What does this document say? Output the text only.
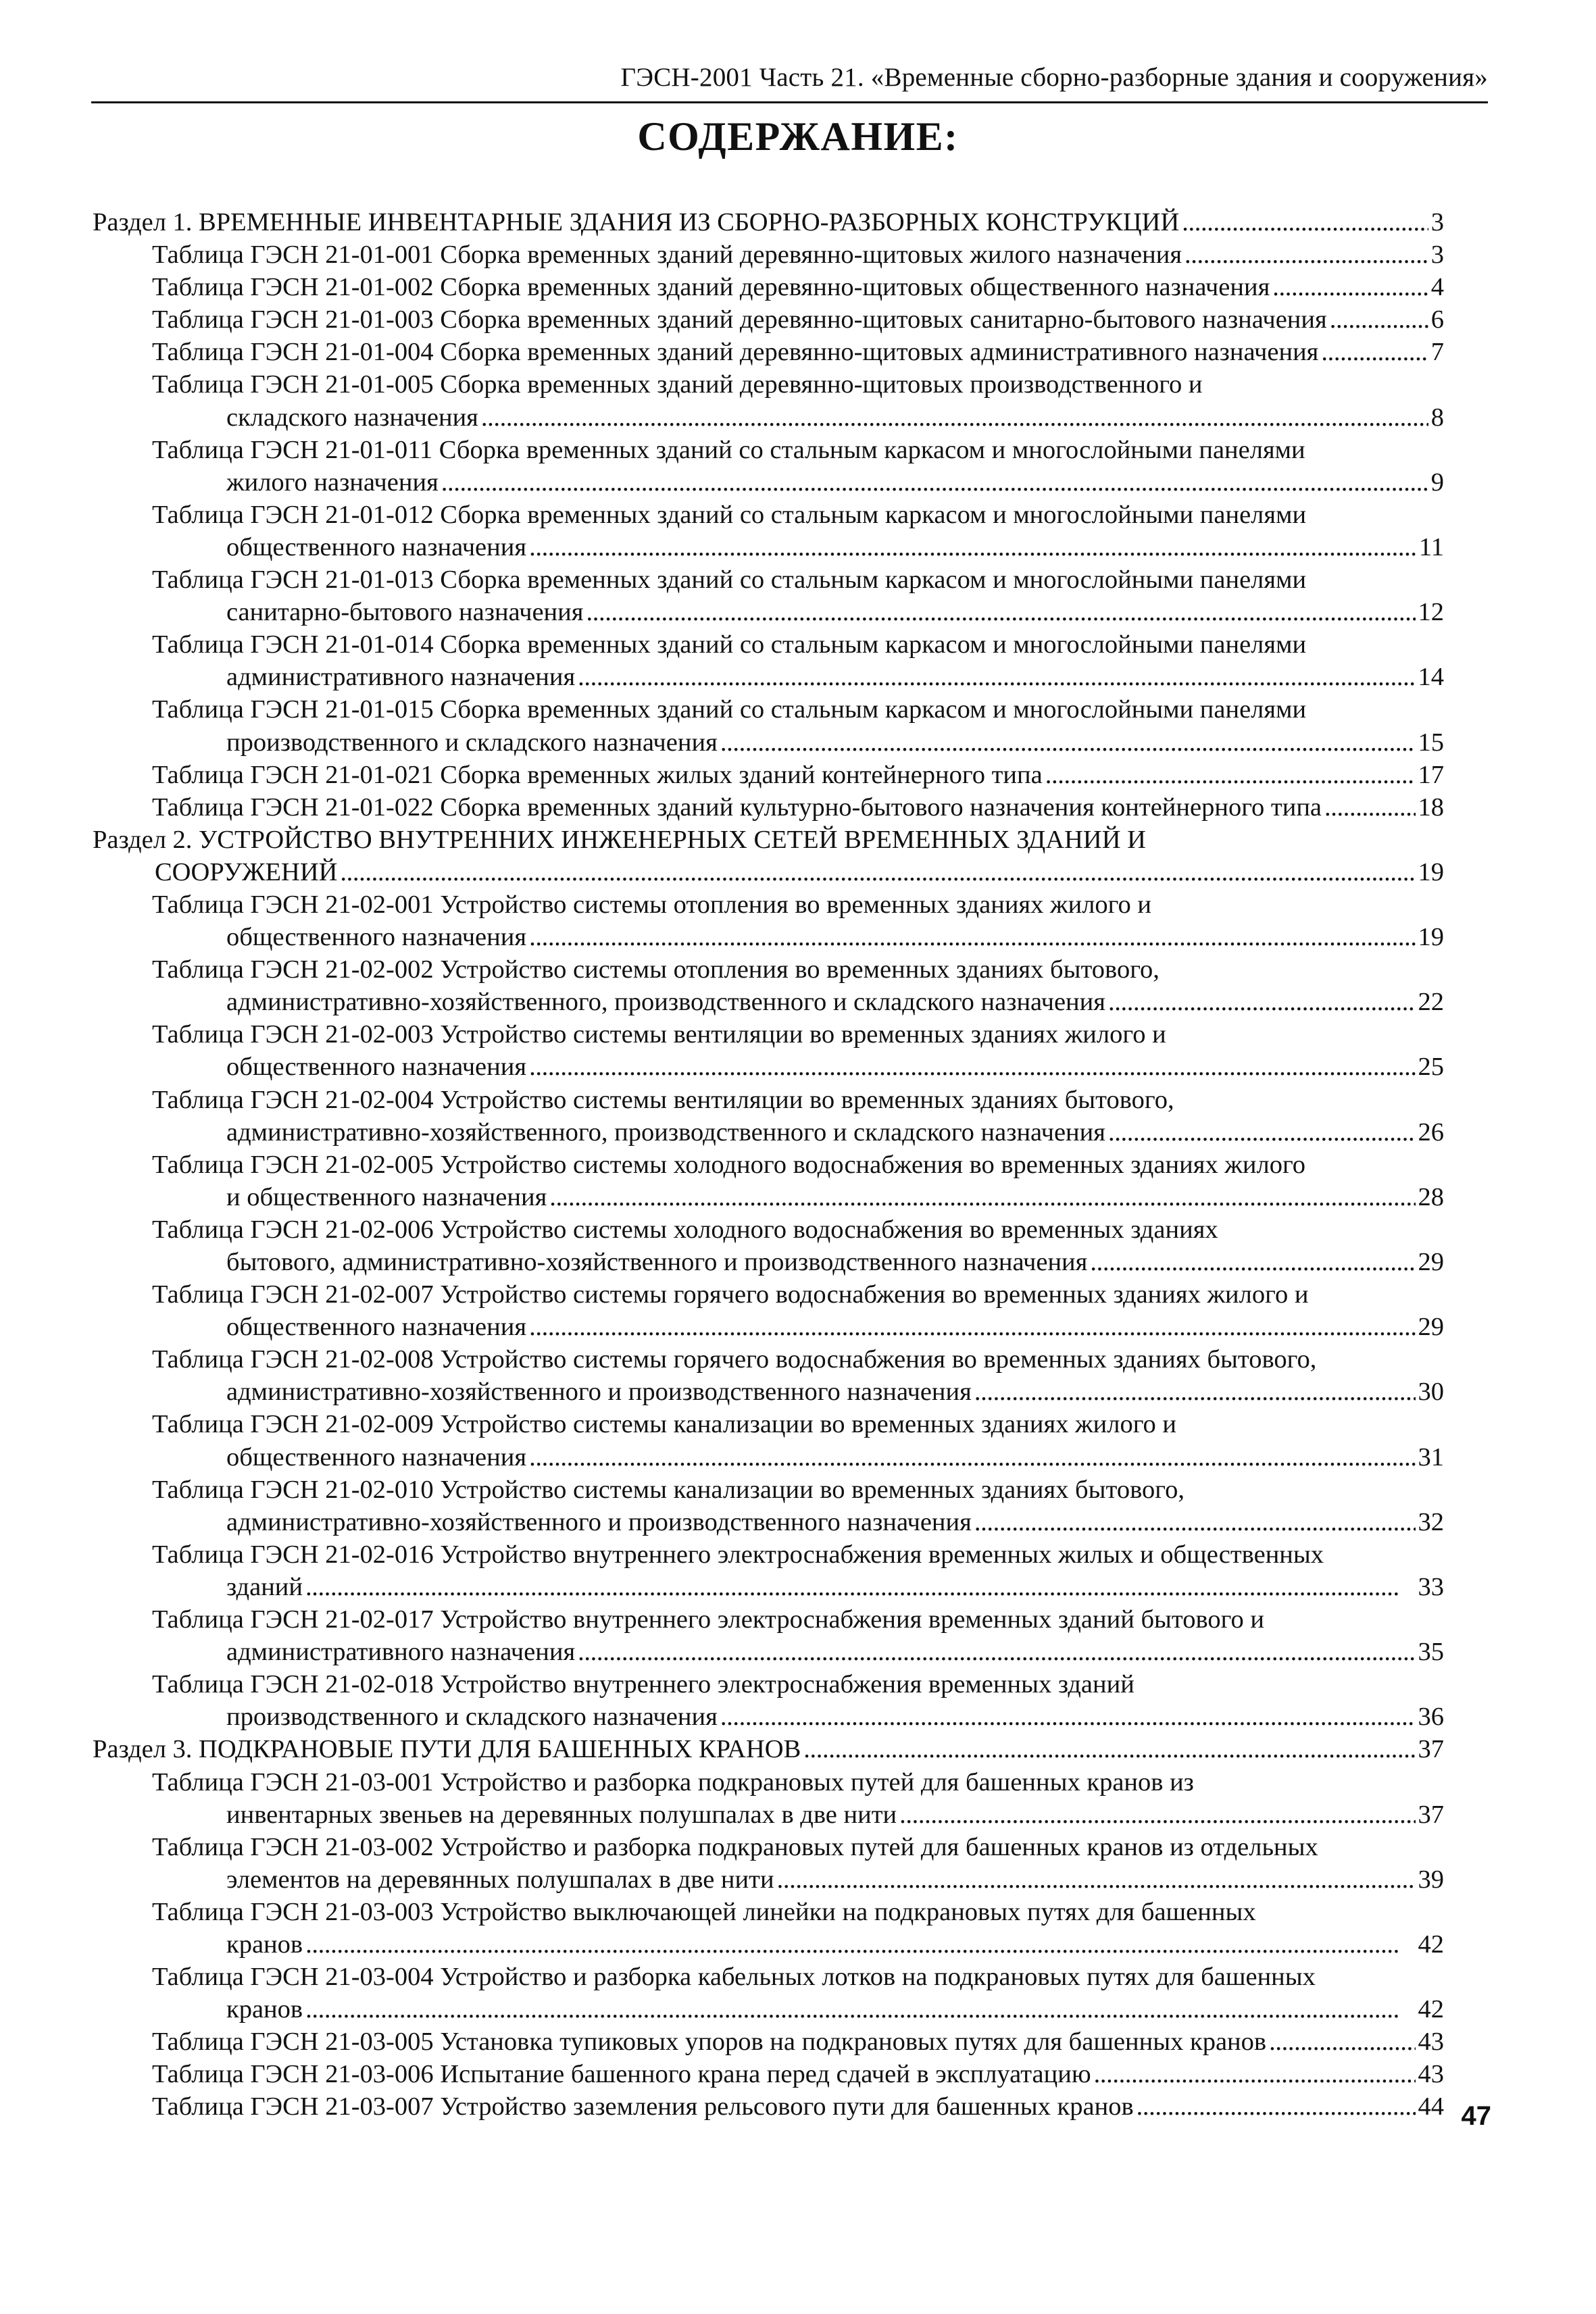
ГЭСН-2001 Часть 21. «Временные сборно-разборные здания и сооружения»
СОДЕРЖАНИЕ:
Раздел 1. ВРЕМЕННЫЕ ИНВЕНТАРНЫЕ ЗДАНИЯ ИЗ СБОРНО-РАЗБОРНЫХ КОНСТРУКЦИЙ . . .	3
Таблица ГЭСН 21-01-001 Сборка временных зданий деревянно-щитовых жилого назначения . . .	3
Таблица ГЭСН 21-01-002 Сборка временных зданий деревянно-щитовых общественного назначения . . .	4
Таблица ГЭСН 21-01-003 Сборка временных зданий деревянно-щитовых санитарно-бытового назначения . . .	6
Таблица ГЭСН 21-01-004 Сборка временных зданий деревянно-щитовых административного назначения . . .	7
Таблица ГЭСН 21-01-005 Сборка временных зданий деревянно-щитовых производственного и
складского назначения . . .	8
Таблица ГЭСН 21-01-011 Сборка временных зданий со стальным каркасом и многослойными панелями
жилого назначения . . .	9
Таблица ГЭСН 21-01-012 Сборка временных зданий со стальным каркасом и многослойными панелями
общественного назначения . . .	11
Таблица ГЭСН 21-01-013 Сборка временных зданий со стальным каркасом и многослойными панелями
санитарно-бытового назначения . . .	12
Таблица ГЭСН 21-01-014 Сборка временных зданий со стальным каркасом и многослойными панелями
административного назначения . . .	14
Таблица ГЭСН 21-01-015 Сборка временных зданий со стальным каркасом и многослойными панелями
производственного и складского назначения . . .	15
Таблица ГЭСН 21-01-021 Сборка временных жилых зданий контейнерного типа . . .	17
Таблица ГЭСН 21-01-022 Сборка временных зданий культурно-бытового назначения контейнерного типа . . .	18
Раздел 2. УСТРОЙСТВО ВНУТРЕННИХ ИНЖЕНЕРНЫХ СЕТЕЙ ВРЕМЕННЫХ ЗДАНИЙ И
СООРУЖЕНИЙ . . .	19
Таблица ГЭСН 21-02-001 Устройство системы отопления во временных зданиях жилого и
общественного назначения . . .	19
Таблица ГЭСН 21-02-002 Устройство системы отопления во временных зданиях бытового,
административно-хозяйственного, производственного и складского назначения . . .	22
Таблица ГЭСН 21-02-003 Устройство системы вентиляции во временных зданиях жилого и
общественного назначения . . .	25
Таблица ГЭСН 21-02-004 Устройство системы вентиляции во временных зданиях бытового,
административно-хозяйственного, производственного и складского назначения . . .	26
Таблица ГЭСН 21-02-005 Устройство системы холодного водоснабжения во временных зданиях жилого
и общественного назначения . . .	28
Таблица ГЭСН 21-02-006 Устройство системы холодного водоснабжения во временных зданиях
бытового, административно-хозяйственного и производственного назначения . . .	29
Таблица ГЭСН 21-02-007 Устройство системы горячего водоснабжения во временных зданиях жилого и
общественного назначения . . .	29
Таблица ГЭСН 21-02-008 Устройство системы горячего водоснабжения во временных зданиях бытового,
административно-хозяйственного и производственного назначения . . .	30
Таблица ГЭСН 21-02-009 Устройство системы канализации во временных зданиях жилого и
общественного назначения . . .	31
Таблица ГЭСН 21-02-010 Устройство системы канализации во временных зданиях бытового,
административно-хозяйственного и производственного назначения . . .	32
Таблица ГЭСН 21-02-016 Устройство внутреннего электроснабжения временных жилых и общественных
зданий . . .	33
Таблица ГЭСН 21-02-017 Устройство внутреннего электроснабжения временных зданий бытового и
административного назначения . . .	35
Таблица ГЭСН 21-02-018 Устройство внутреннего электроснабжения временных зданий
производственного и складского назначения . . .	36
Раздел 3. ПОДКРАНОВЫЕ ПУТИ ДЛЯ БАШЕННЫХ КРАНОВ . . .	37
Таблица ГЭСН 21-03-001 Устройство и разборка подкрановых путей для башенных кранов из
инвентарных звеньев на деревянных полушпалах в две нити . . .	37
Таблица ГЭСН 21-03-002 Устройство и разборка подкрановых путей для башенных кранов из отдельных
элементов на деревянных полушпалах в две нити . . .	39
Таблица ГЭСН 21-03-003 Устройство выключающей линейки на подкрановых путях для башенных
кранов . . .	42
Таблица ГЭСН 21-03-004 Устройство и разборка кабельных лотков на подкрановых путях для башенных
кранов . . .	42
Таблица ГЭСН 21-03-005 Установка тупиковых упоров на подкрановых путях для башенных кранов . . .	43
Таблица ГЭСН 21-03-006 Испытание башенного крана перед сдачей в эксплуатацию . . .	43
Таблица ГЭСН 21-03-007 Устройство заземления рельсового пути для башенных кранов . . .	44 47
